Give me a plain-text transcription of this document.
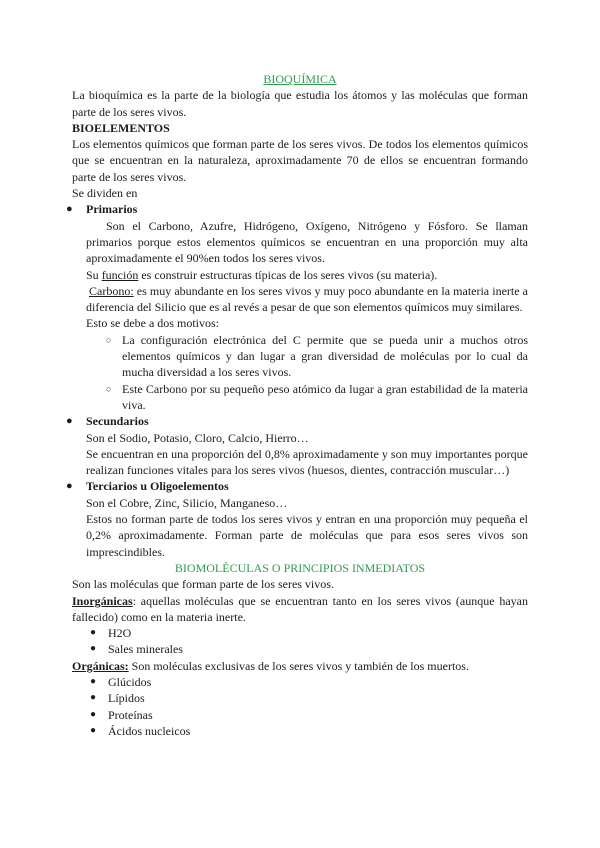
BIOQUÍMICA

La bioquímica es la parte de la biología que estudia los átomos y las moléculas que forman parte de los seres vivos.

BIOELEMENTOS

Los elementos químicos que forman parte de los seres vivos. De todos los elementos químicos que se encuentran en la naturaleza, aproximadamente 70 de ellos se encuentran formando parte de los seres vivos.

Se dividen en

● Primarios

Son el Carbono, Azufre, Hidrógeno, Oxígeno, Nitrógeno y Fósforo. Se llaman primarios porque estos elementos químicos se encuentran en una proporción muy alta aproximadamente el 90%en todos los seres vivos.

Su función es construir estructuras típicas de los seres vivos (su materia).

Carbono: es muy abundante en los seres vivos y muy poco abundante en la materia inerte a diferencia del Silicio que es al revés a pesar de que son elementos químicos muy similares.

Esto se debe a dos motivos:

○ La configuración electrónica del C permite que se pueda unir a muchos otros elementos químicos y dan lugar a gran diversidad de moléculas por lo cual da mucha diversidad a los seres vivos.
○ Este Carbono por su pequeño peso atómico da lugar a gran estabilidad de la materia viva.
● Secundarios

Son el Sodio, Potasio, Cloro, Calcio, Hierro…

Se encuentran en una proporción del 0,8% aproximadamente y son muy importantes porque realizan funciones vitales para los seres vivos (huesos, dientes, contracción muscular…)

● Terciarios u Oligoelementos

Son el Cobre, Zinc, Silicio, Manganeso…

Estos no forman parte de todos los seres vivos y entran en una proporción muy pequeña el 0,2% aproximadamente. Forman parte de moléculas que para esos seres vivos son imprescindibles.

BIOMOLÉCULAS O PRINCIPIOS INMEDIATOS

Son las moléculas que forman parte de los seres vivos.

Inorgánicas: aquellas moléculas que se encuentran tanto en los seres vivos (aunque hayan fallecido) como en la materia inerte.

● H2O
● Sales minerales

Orgánicas: Son moléculas exclusivas de los seres vivos y también de los muertos.

● Glúcidos
● Lípidos
● Proteínas
● Ácidos nucleicos
